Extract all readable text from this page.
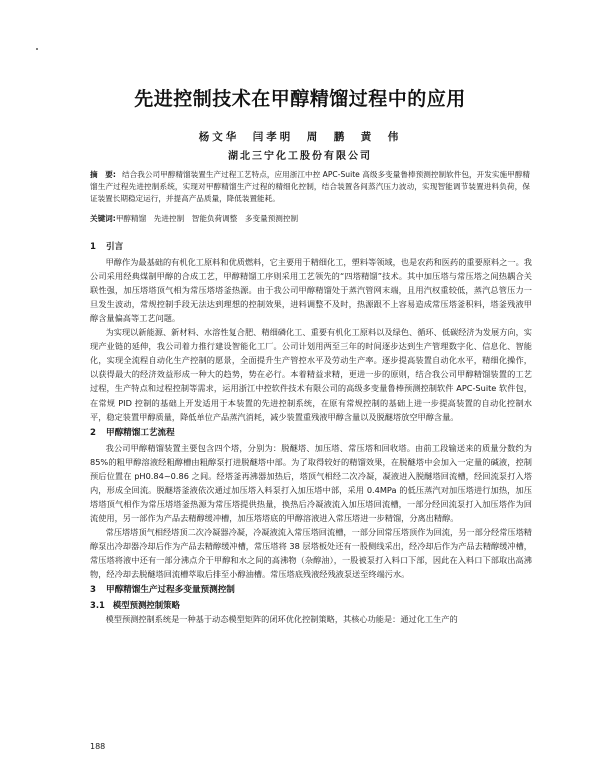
先进控制技术在甲醇精馏过程中的应用
杨文华　闫孝明　周　鹏　黄　伟
湖北三宁化工股份有限公司
摘　要: 结合我公司甲醇精馏装置生产过程工艺特点，应用浙江中控 APC-Suite 高级多变量鲁棒预测控制软件包，开发实施甲醇精馏生产过程先进控制系统，实现对甲醇精馏生产过程的精细化控制，结合装置各间蒸汽压力波动，实现智能调节装置进料负荷，保证装置长期稳定运行，并提高产品质量，降低装置能耗。
关键词:甲醇精馏　先进控制　智能负荷调整　多变量预测控制
1 引言

甲醇作为最基础的有机化工原料和优质燃料，它主要用于精细化工，塑料等领域，也是农药和医药的重要原料之一。我公司采用经典煤制甲醇的合成工艺，甲醇精馏工序则采用工艺领先的“四塔精馏”技术。其中加压塔与常压塔之间热耦合关联性强，加压塔塔顶气相为常压塔塔釜热源。由于我公司甲醇精馏处于蒸汽管网末端，且用汽权重较低，蒸汽总管压力一旦发生波动，常规控制手段无法达到理想的控制效果，进料调整不及时，热源跟不上容易造成常压塔釜积料，塔釜残液甲醇含量偏高等工艺问题。

为实现以新能源、新材料、水溶性复合肥、精细磷化工、重要有机化工原料以及绿色、循环、低碳经济为发展方向，实现产业链的延伸，我公司着力推行建设智能化工厂。公司计划用两至三年的时间逐步达到生产管理数字化、信息化、智能化，实现全流程自动化生产控制的愿景，全面提升生产管控水平及劳动生产率。逐步提高装置自动化水平，精细化操作，以获得最大的经济效益形成一种大的趋势，势在必行。本着精益求精，更进一步的原则，结合我公司甲醇精馏装置的工艺过程，生产特点和过程控制等需求，运用浙江中控软件技术有限公司的高级多变量鲁棒预测控制软件 APC-Suite 软件包，在常规 PID 控制的基础上开发适用于本装置的先进控制系统，在原有常规控制的基础上进一步提高装置的自动化控制水平，稳定装置甲醇质量，降低单位产品蒸汽消耗，减少装置重残液甲醇含量以及脱醚塔放空甲醇含量。

2 甲醇精馏工艺流程

我公司甲醇精馏装置主要包含四个塔，分别为：脱醚塔、加压塔、常压塔和回收塔。由前工段输送来的质量分数约为 85%的粗甲醇溶液经粗醇槽由粗醇泵打进脱醚塔中部。为了取得较好的精馏效果，在脱醚塔中会加入一定量的碱液，控制预后位置在 pH0.84~0.86 之间。经塔釜再沸器加热后，塔顶气相经二次冷凝，凝液进入脱醚塔回流槽，经回流泵打入塔内，形成全回流。脱醚塔釜液依次通过加压塔入料泵打入加压塔中部，采用 0.4MPa 的低压蒸汽对加压塔进行加热，加压塔塔顶气相作为常压塔塔釜热源为常压塔提供热量，换热后冷凝液流入加压塔回流槽，一部分经回流泵打入加压塔作为回流使用，另一部作为产品去精醇缓冲槽，加压塔塔底的甲醇溶液进入常压塔进一步精馏，分离出精醇。

常压塔塔顶气相经塔顶二次冷凝器冷凝，冷凝液流入常压塔回流槽，一部分回常压塔顶作为回流，另一部分经常压塔精醇泵出冷却器冷却后作为产品去精醇缓冲槽，常压塔将 38 层塔板处还有一股侧线采出，经冷却后作为产品去精醇缓冲槽，常压塔将液中还有一部分沸点介于甲醇和水之间的高沸物（杂醇油），一股被泵打入料口下部，因此在入料口下部取出高沸物，经冷却去脱醚塔回流槽萃取后排至小醇油槽。常压塔底残液经残液泵送至终端污水。

3 甲醇精馏生产过程多变量预测控制
3.1 模型预测控制策略

模型预测控制系统是一种基于动态模型矩阵的闭环优化控制策略，其核心功能是：通过化工生产的

188
